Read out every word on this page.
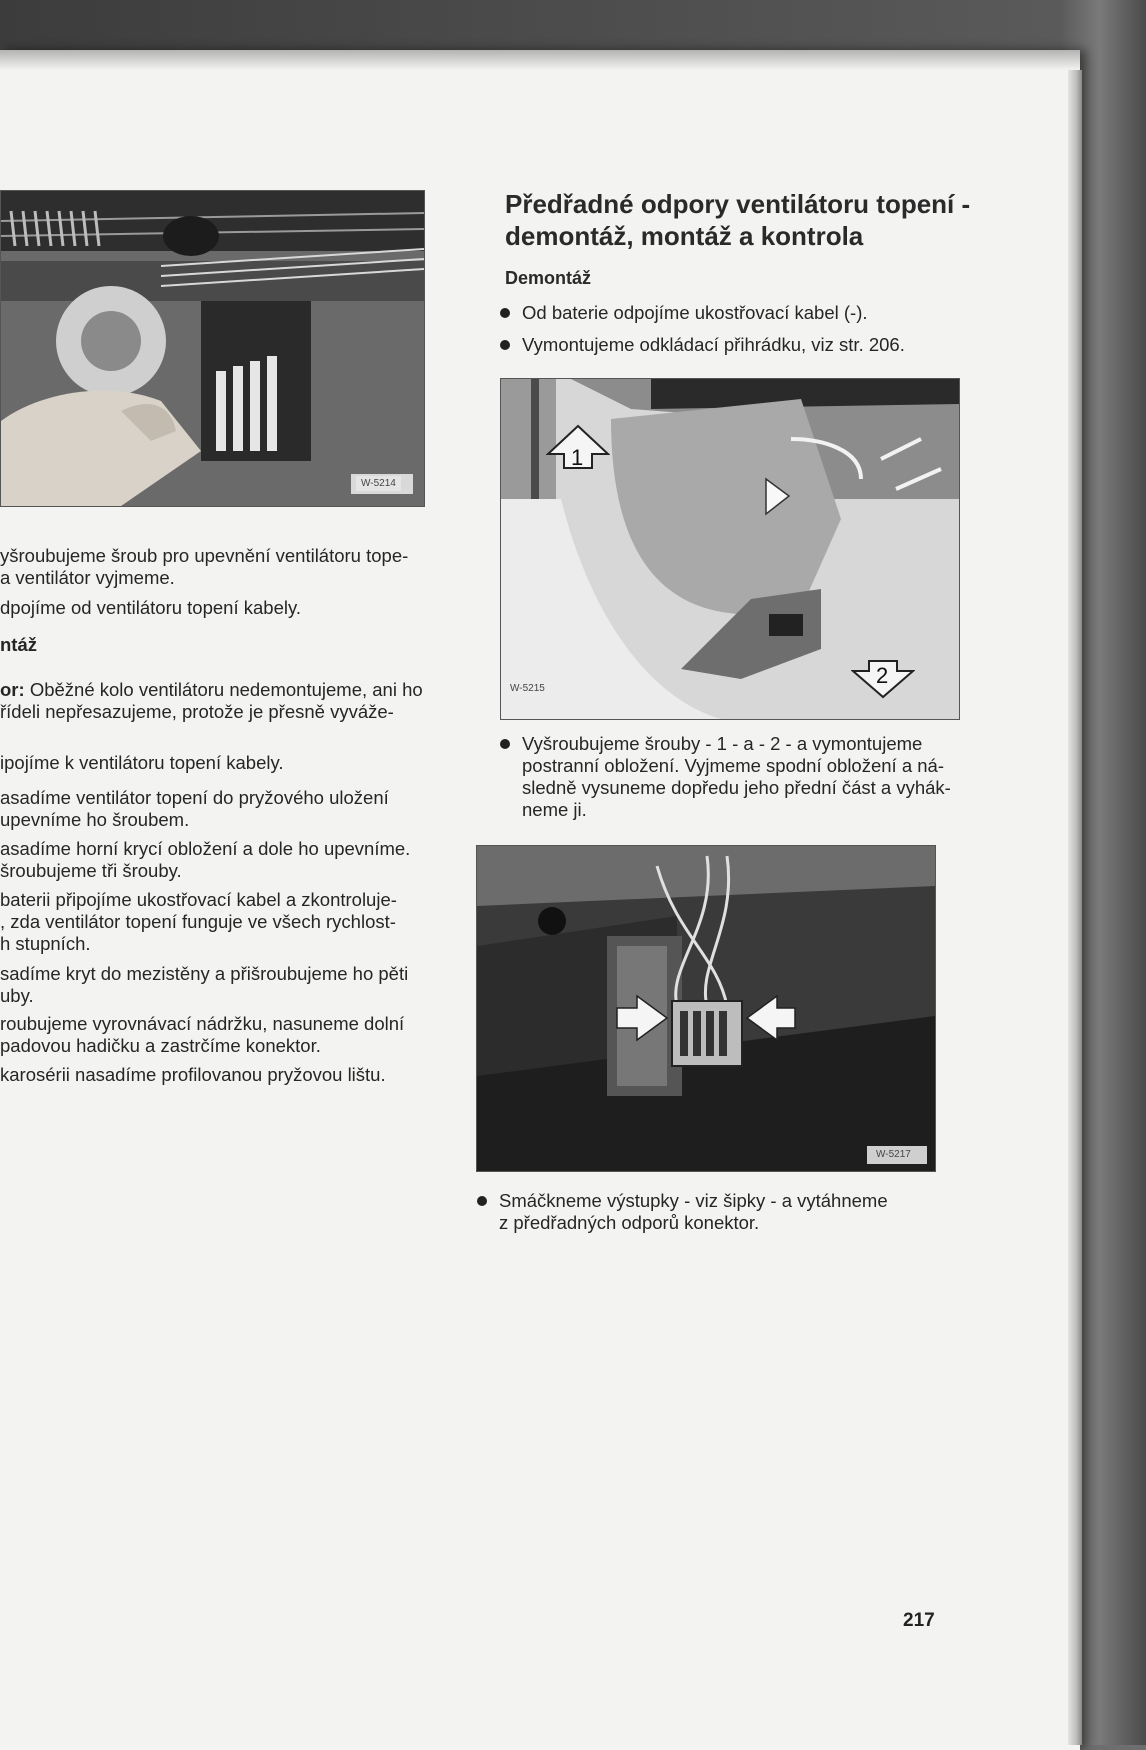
W-5214
yšroubujeme šroub pro upevnění ventilátoru tope-
a ventilátor vyjmeme.
dpojíme od ventilátoru topení kabely.
ntáž
or: Oběžné kolo ventilátoru nedemontujeme, ani ho
řídeli nepřesazujeme, protože je přesně vyváže-
ipojíme k ventilátoru topení kabely.
asadíme ventilátor topení do pryžového uložení
upevníme ho šroubem.
asadíme horní krycí obložení a dole ho upevníme.
šroubujeme tři šrouby.
baterii připojíme ukostřovací kabel a zkontroluje-
, zda ventilátor topení funguje ve všech rychlost-
h stupních.
sadíme kryt do mezistěny a přišroubujeme ho pěti
uby.
roubujeme vyrovnávací nádržku, nasuneme dolní
padovou hadičku a zastrčíme konektor.
karosérii nasadíme profilovanou pryžovou lištu.
Předřadné odpory ventilátoru topení -
demontáž, montáž a kontrola
Demontáž
Od baterie odpojíme ukostřovací kabel (-).
Vymontujeme odkládací přihrádku, viz str. 206.
1
2
W-5215
Vyšroubujeme šrouby - 1 - a - 2 - a vymontujeme
postranní obložení. Vyjmeme spodní obložení a ná-
sledně vysuneme dopředu jeho přední část a vyhák-
neme ji.
W-5217
Smáčkneme výstupky - viz šipky - a vytáhneme
z předřadných odporů konektor.
217
